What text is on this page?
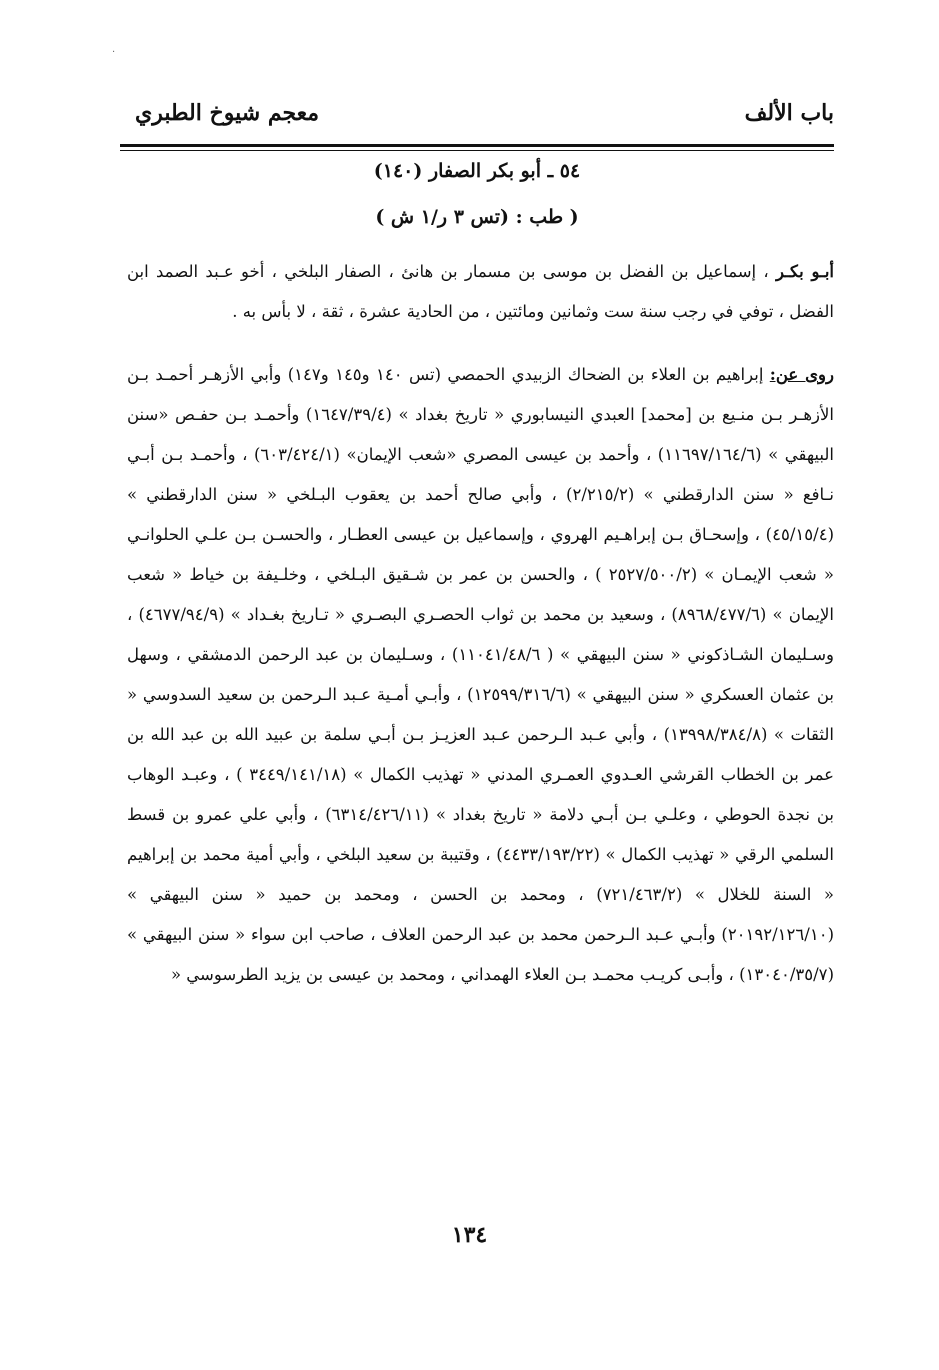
·
باب الألف
معجم شيوخ الطبري
٥٤ ـ أبو بكر الصفار (١٤٠)
( طب : (تس ٣ ر/١ ش )

أبـو بكـر ، إسماعيل بن الفضل بن موسى بن مسمار بن هانئ ، الصفار البلخي ، أخو عـبد الصمد ابن الفضل ، توفي في رجب سنة ست وثمانين ومائتين ، من الحادية عشرة ، ثقة ، لا بأس به .

روى عن: إبراهيم بن العلاء بن الضحاك الزبيدي الحمصي (تس ١٤٠ و١٤٥ و١٤٧) وأبي الأزهـر أحمـد بـن الأزهـر بـن منـيع بن [محمد] العبدي النيسابوري « تاريخ بغداد » (١٦٤٧/٣٩/٤) وأحمـد بـن حفـص «سنن البيهقي » (١١٦٩٧/١٦٤/٦) ، وأحمد بن عيسى المصري «شعب الإيمان» (٦٠٣/٤٢٤/١) ، وأحمـد بـن أبـي نـافع « سنن الدارقطني » (٢/٢١٥/٢) ، وأبي صالح أحمد بن يعقوب البـلخي « سنن الدارقطني » (٤٥/١٥/٤) ، وإسحـاق بـن إبراهـيم الهروي ، وإسماعيل بن عيسى العطـار ، والحسـن بـن علـي الحلوانـي « شعب الإيمـان » (٢٥٢٧/٥٠٠/٢ ) ، والحسن بن عمر بن شـقيق البـلخي ، وخلـيفة بن خياط « شعب الإيمان » (٨٩٦٨/٤٧٧/٦) ، وسعيد بن محمد بن ثواب الحصـري البصـري « تـاريخ بغـداد » (٤٦٧٧/٩٤/٩) ، وسـليمان الشـاذكوني « سنن البيهقي » ( ١١٠٤١/٤٨/٦) ، وسـليمان بن عبد الرحمن الدمشقي ، وسهل بن عثمان العسكري « سنن البيهقي » (١٢٥٩٩/٣١٦/٦) ، وأبـي أمـية عـبد الـرحمن بن سعيد السدوسي « الثقات » (١٣٩٩٨/٣٨٤/٨) ، وأبي عـبد الـرحمن عـبد العزيـز بـن أبـي سلمة بن عبيد الله بن عبد الله بن عمر بن الخطاب القرشي العـدوي العمـري المدني « تهذيب الكمال » (٣٤٤٩/١٤١/١٨ ) ، وعبـد الوهاب بن نجدة الحوطي ، وعلـي بـن أبـي دلامة « تاريخ بغداد » (٦٣١٤/٤٢٦/١١) ، وأبي علي عمرو بن قسط السلمي الرقي « تهذيب الكمال » (٤٤٣٣/١٩٣/٢٢) ، وقتيبة بن سعيد البلخي ، وأبي أمية محمد بن إبراهيم « السنة للخلال » (٧٢١/٤٦٣/٢) ، ومحمد بن الحسن ، ومحمد بن حميد « سنن البيهقي » (٢٠١٩٢/١٢٦/١٠) وأبـي عـبد الـرحمن محمد بن عبد الرحمن العلاف ، صاحب ابن سواء « سنن البيهقي » (١٣٠٤٠/٣٥/٧) ، وأبـى كريـب محمـد بـن العلاء الهمداني ، ومحمد بن عيسى بن يزيد الطرسوسي «

١٣٤
